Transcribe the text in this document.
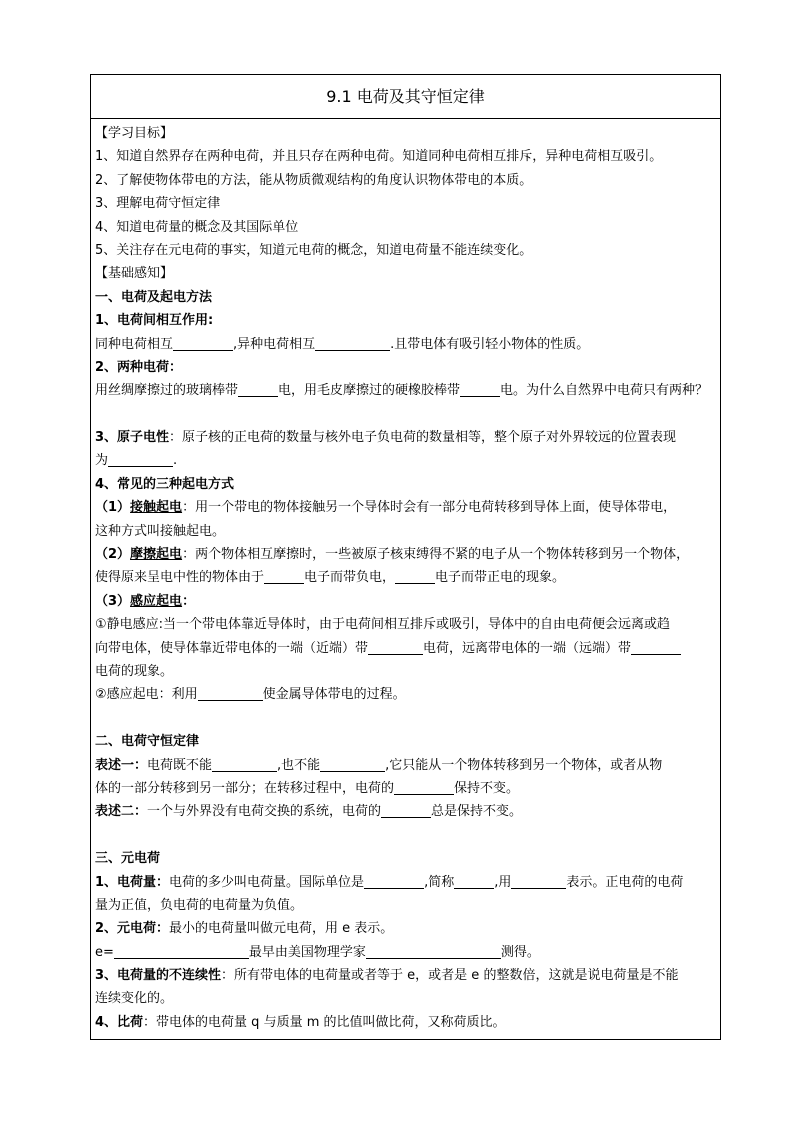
9.1 电荷及其守恒定律
【学习目标】
1、知道自然界存在两种电荷，并且只存在两种电荷。知道同种电荷相互排斥，异种电荷相互吸引。
2、了解使物体带电的方法，能从物质微观结构的角度认识物体带电的本质。
3、理解电荷守恒定律
4、知道电荷量的概念及其国际单位
5、关注存在元电荷的事实，知道元电荷的概念，知道电荷量不能连续变化。
【基础感知】
一、电荷及起电方法
1、电荷间相互作用:
同种电荷相互	,异种电荷相互	.且带电体有吸引轻小物体的性质。
2、两种电荷：
用丝绸摩擦过的玻璃棒带	电，用毛皮摩擦过的硬橡胶棒带	电。为什么自然界中电荷只有两种？
3、原子电性：原子核的正电荷的数量与核外电子负电荷的数量相等，整个原子对外界较远的位置表现
为	.
4、常见的三种起电方式
（1）接触起电：用一个带电的物体接触另一个导体时会有一部分电荷转移到导体上面，使导体带电，
这种方式叫接触起电。
（2）摩擦起电：两个物体相互摩擦时，一些被原子核束缚得不紧的电子从一个物体转移到另一个物体，
使得原来呈电中性的物体由于	电子而带负电，	电子而带正电的现象。
（3）感应起电：
①静电感应:当一个带电体靠近导体时，由于电荷间相互排斥或吸引，导体中的自由电荷便会远离或趋
向带电体，使导体靠近带电体的一端（近端）带	电荷，远离带电体的一端（远端）带
电荷的现象。
②感应起电：利用	使金属导体带电的过程。
二、电荷守恒定律
表述一：电荷既不能	,也不能	,它只能从一个物体转移到另一个物体，或者从物
体的一部分转移到另一部分；在转移过程中，电荷的	保持不变。
表述二：一个与外界没有电荷交换的系统，电荷的	总是保持不变。
三、元电荷
1、电荷量：电荷的多少叫电荷量。国际单位是	,简称	,用	表示。正电荷的电荷
量为正值，负电荷的电荷量为负值。
2、元电荷：最小的电荷量叫做元电荷，用 e 表示。
e=	最早由美国物理学家	测得。
3、电荷量的不连续性：所有带电体的电荷量或者等于 e，或者是 e 的整数倍，这就是说电荷量是不能
连续变化的。
4、比荷：带电体的电荷量 q 与质量 m 的比值叫做比荷，又称荷质比。
